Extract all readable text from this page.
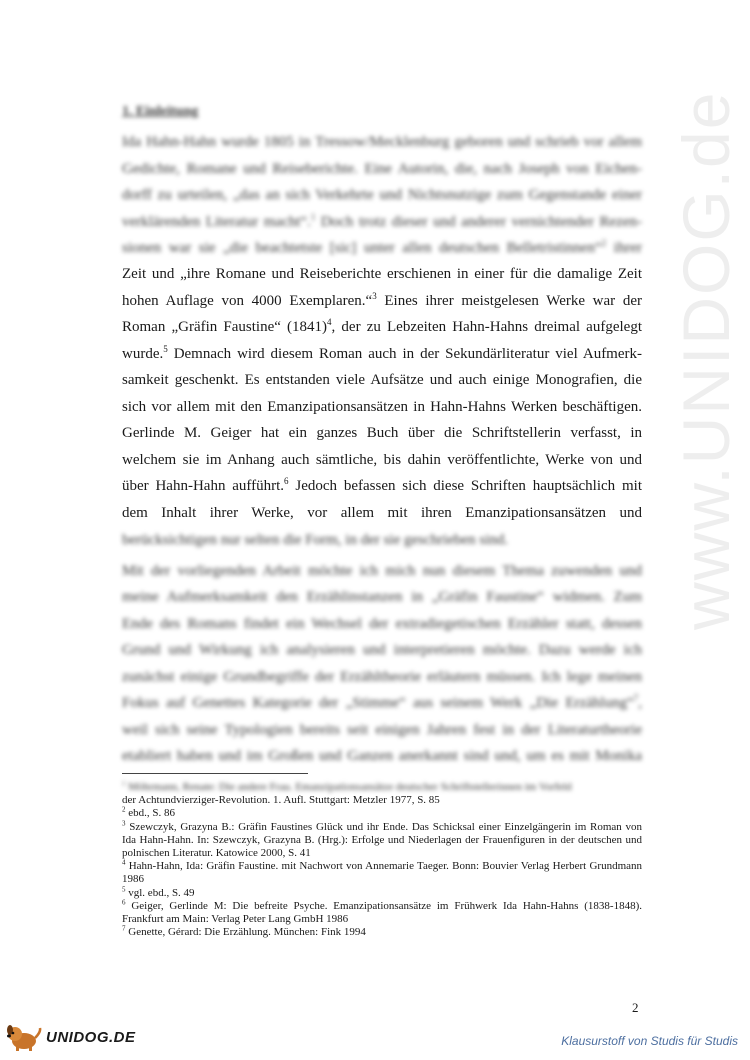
www.UNIDOG.de
1. Einleitung
Ida Hahn-Hahn wurde 1805 in Tressow/Mecklenburg geboren und schrieb vor allem
Gedichte, Romane und Reiseberichte. Eine Autorin, die, nach Joseph von Eichen-
dorff zu urteilen, „das an sich Verkehrte und Nichtsnutzige zum Gegenstande einer
verklärenden Literatur macht“.$^1$ Doch trotz dieser und anderer vernichtender Rezen-
sionen war sie „die beachtetste [sic] unter allen deutschen Belletristinnen“$^2$ ihrer
Zeit und „ihre Romane und Reiseberichte erschienen in einer für die damalige Zeit
hohen Auflage von 4000 Exemplaren.“$^3$ Eines ihrer meistgelesen Werke war der
Roman „Gräfin Faustine“ $(1841)^4$, der zu Lebzeiten Hahn-Hahns dreimal aufgelegt
wurde.$^5$ Demnach wird diesem Roman auch in der Sekundärliteratur viel Aufmerk-
samkeit geschenkt. Es entstanden viele Aufsätze und auch einige Monografien, die
sich vor allem mit den Emanzipationsansätzen in Hahn-Hahns Werken beschäftigen.
Gerlinde M. Geiger hat ein ganzes Buch über die Schriftstellerin verfasst, in
welchem sie im Anhang auch sämtliche, bis dahin veröffentlichte, Werke von und
über Hahn-Hahn aufführt.$^6$ Jedoch befassen sich diese Schriften hauptsächlich mit
dem Inhalt ihrer Werke, vor allem mit ihren Emanzipationsansätzen und
berücksichtigen nur selten die Form, in der sie geschrieben sind.
Mit der vorliegenden Arbeit möchte ich mich nun diesem Thema zuwenden und
meine Aufmerksamkeit den Erzählinstanzen in „Gräfin Faustine“ widmen. Zum
Ende des Romans findet ein Wechsel der extradiegetischen Erzähler statt, dessen
Grund und Wirkung ich analysieren und interpretieren möchte. Dazu werde ich
zunächst einige Grundbegriffe der Erzähltheorie erläutern müssen. Ich lege meinen
Fokus auf Genettes Kategorie der „Stimme“ aus seinem Werk „Die Erzählung“$^7$,
weil sich seine Typologien bereits seit einigen Jahren fest in der Literaturtheorie
etabliert haben und im Großen und Ganzen anerkannt sind und, um es mit Monika

$^1$ Möhrmann, Renate: Die andere Frau. Emanzipationsansätze deutscher Schriftstellerinnen im Vorfeld

der Achtundvierziger-Revolution. 1. Aufl. Stuttgart: Metzler 1977, S. 85

$^2$ ebd., S. 86

$^3$ Szewczyk, Grazyna B.: Gräfin Faustines Glück und ihr Ende. Das Schicksal einer Einzelgängerin im Roman von Ida Hahn-Hahn. In: Szewczyk, Grazyna B. (Hrg.): Erfolge und Niederlagen der Frauenfiguren in der deutschen und polnischen Literatur. Katowice 2000, S. 41

$^4$ Hahn-Hahn, Ida: Gräfin Faustine. mit Nachwort von Annemarie Taeger. Bonn: Bouvier Verlag Herbert Grundmann 1986

$^5$ vgl. ebd., S. 49

$^6$ Geiger, Gerlinde M: Die befreite Psyche. Emanzipationsansätze im Frühwerk Ida Hahn-Hahns (1838-1848). Frankfurt am Main: Verlag Peter Lang GmbH 1986

$^7$ Genette, Gérard: Die Erzählung. München: Fink 1994

2
UNIDOG.DE	Klausurstoff von Studis für Studis
